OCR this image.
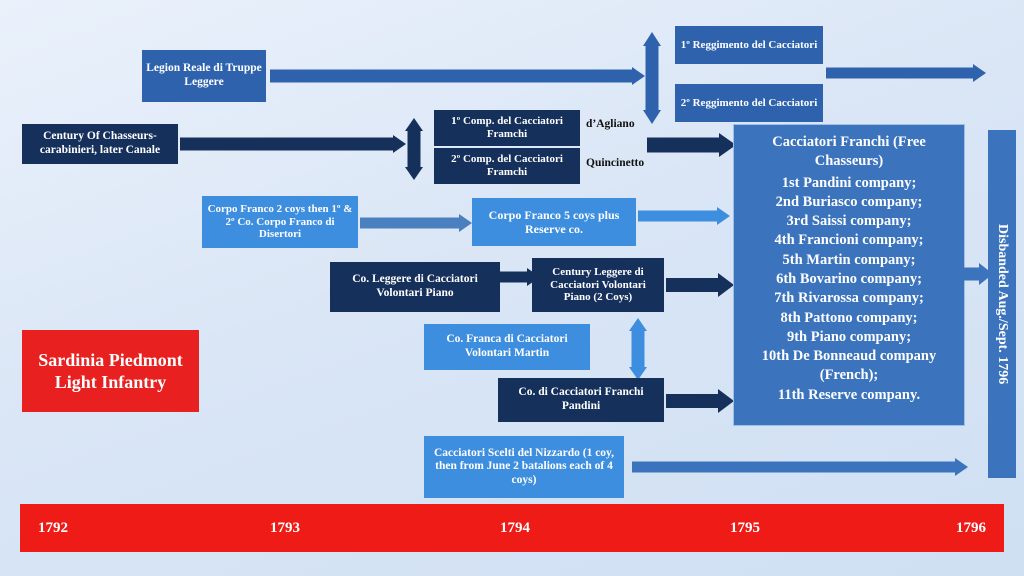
Legion Reale di Truppe Leggere
1º Reggimento del Cacciatori
2º Reggimento del Cacciatori
Century Of Chasseurs- carabinieri, later Canale
1º Comp. del Cacciatori Framchi
2º Comp. del Cacciatori Framchi
d’Agliano
Quincinetto
Corpo Franco 2 coys then 1º & 2º Co. Corpo Franco di Disertori
Corpo Franco 5 coys plus Reserve co.
Co. Leggere di Cacciatori Volontari Piano
Century Leggere di Cacciatori Volontari Piano (2 Coys)
Co. Franca di Cacciatori Volontari Martin
Co. di Cacciatori Franchi Pandini
Cacciatori Scelti del Nizzardo (1 coy, then from June 2 batalions each of 4 coys)
Cacciatori Franchi (Free Chasseurs)
1st Pandini company;
2nd Buriasco company;
3rd Saissi company;
4th Francioni company;
5th Martin company;
6th Bovarino company;
7th Rivarossa company;
8th Pattono company;
9th Piano company;
10th De Bonneaud company (French);
11th Reserve company.
Disbanded Aug./Sept. 1796
Sardinia Piedmont Light Infantry
1792	1793	1794	1795	1796
